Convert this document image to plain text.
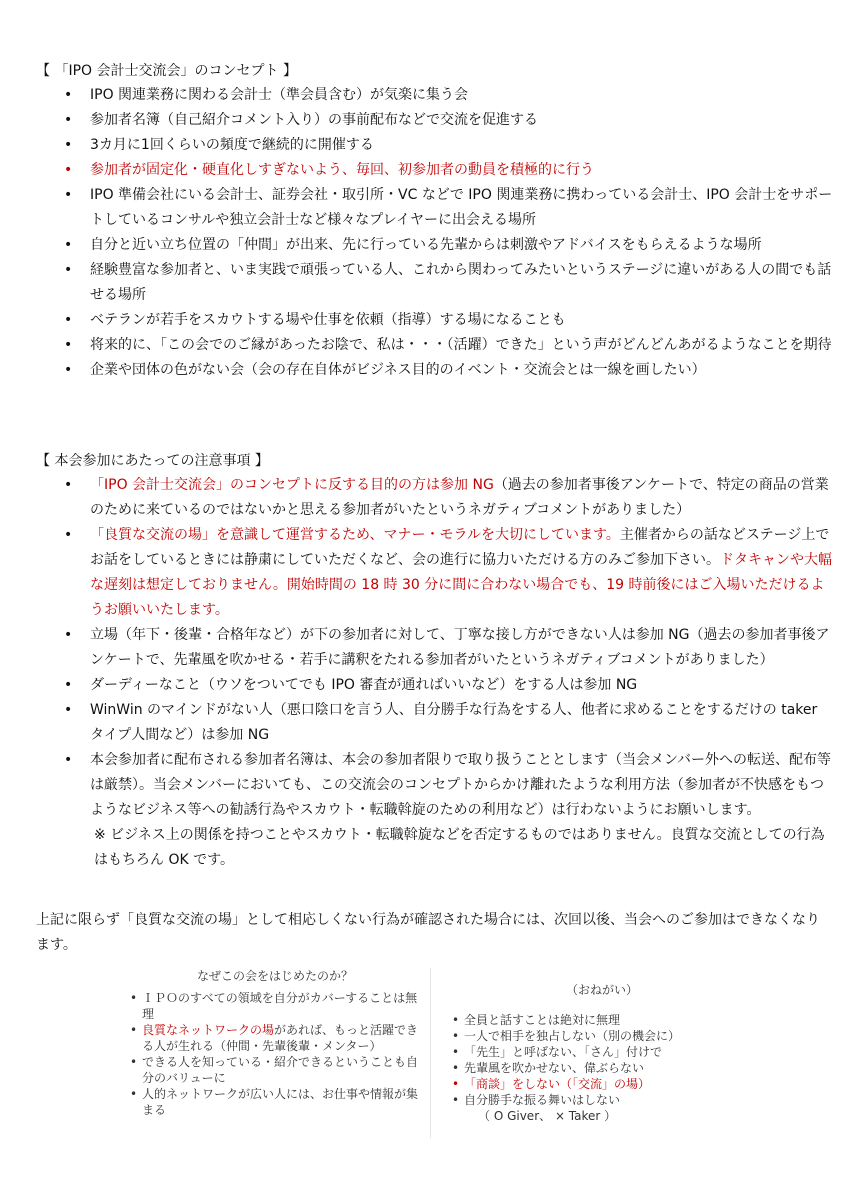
【 「IPO 会計士交流会」のコンセプト 】
• IPO 関連業務に関わる会計士（準会員含む）が気楽に集う会
• 参加者名簿（自己紹介コメント入り）の事前配布などで交流を促進する
• 3カ月に1回くらいの頻度で継続的に開催する
• 参加者が固定化・硬直化しすぎないよう、毎回、初参加者の動員を積極的に行う
• IPO 準備会社にいる会計士、証券会社・取引所・VC などで IPO 関連業務に携わっている会計士、IPO 会計士をサポートしているコンサルや独立会計士など様々なプレイヤーに出会える場所
• 自分と近い立ち位置の「仲間」が出来、先に行っている先輩からは刺激やアドバイスをもらえるような場所
• 経験豊富な参加者と、いま実践で頑張っている人、これから関わってみたいというステージに違いがある人の間でも話せる場所
• ベテランが若手をスカウトする場や仕事を依頼（指導）する場になることも
• 将来的に、「この会でのご縁があったお陰で、私は・・・（活躍）できた」という声がどんどんあがるようなことを期待
• 企業や団体の色がない会（会の存在自体がビジネス目的のイベント・交流会とは一線を画したい）
【 本会参加にあたっての注意事項 】
• 「IPO 会計士交流会」のコンセプトに反する目的の方は参加 NG（過去の参加者事後アンケートで、特定の商品の営業のために来ているのではないかと思える参加者がいたというネガティブコメントがありました）
• 「良質な交流の場」を意識して運営するため、マナー・モラルを大切にしています。主催者からの話などステージ上でお話をしているときには静粛にしていただくなど、会の進行に協力いただける方のみご参加下さい。ドタキャンや大幅な遅刻は想定しておりません。開始時間の 18 時 30 分に間に合わない場合でも、19 時前後にはご入場いただけるようお願いいたします。
• 立場（年下・後輩・合格年など）が下の参加者に対して、丁寧な接し方ができない人は参加 NG（過去の参加者事後アンケートで、先輩風を吹かせる・若手に講釈をたれる参加者がいたというネガティブコメントがありました）
• ダーディーなこと（ウソをついてでも IPO 審査が通ればいいなど）をする人は参加 NG
• WinWin のマインドがない人（悪口陰口を言う人、自分勝手な行為をする人、他者に求めることをするだけの taker タイプ人間など）は参加 NG
• 本会参加者に配布される参加者名簿は、本会の参加者限りで取り扱うこととします（当会メンバー外への転送、配布等は厳禁）。当会メンバーにおいても、この交流会のコンセプトからかけ離れたような利用方法（参加者が不快感をもつようなビジネス等への勧誘行為やスカウト・転職斡旋のための利用など）は行わないようにお願いします。
※ ビジネス上の関係を持つことやスカウト・転職斡旋などを否定するものではありません。良質な交流としての行為はもちろん OK です。
上記に限らず「良質な交流の場」として相応しくない行為が確認された場合には、次回以後、当会へのご参加はできなくなります。
なぜこの会をはじめたのか？
• ＩＰＯのすべての領域を自分がカバーすることは無理
• 良質なネットワークの場があれば、もっと活躍できる人が生れる（仲間・先輩後輩・メンター）
• できる人を知っている・紹介できるということも自分のバリューに
• 人的ネットワークが広い人には、お仕事や情報が集まる
（おねがい）
• 全員と話すことは絶対に無理
• 一人で相手を独占しない（別の機会に）
• 「先生」と呼ばない、「さん」付けで
• 先輩風を吹かせない、偉ぶらない
• 「商談」をしない（「交流」の場）
• 自分勝手な振る舞いはしない
（ O Giver、 × Taker ）
